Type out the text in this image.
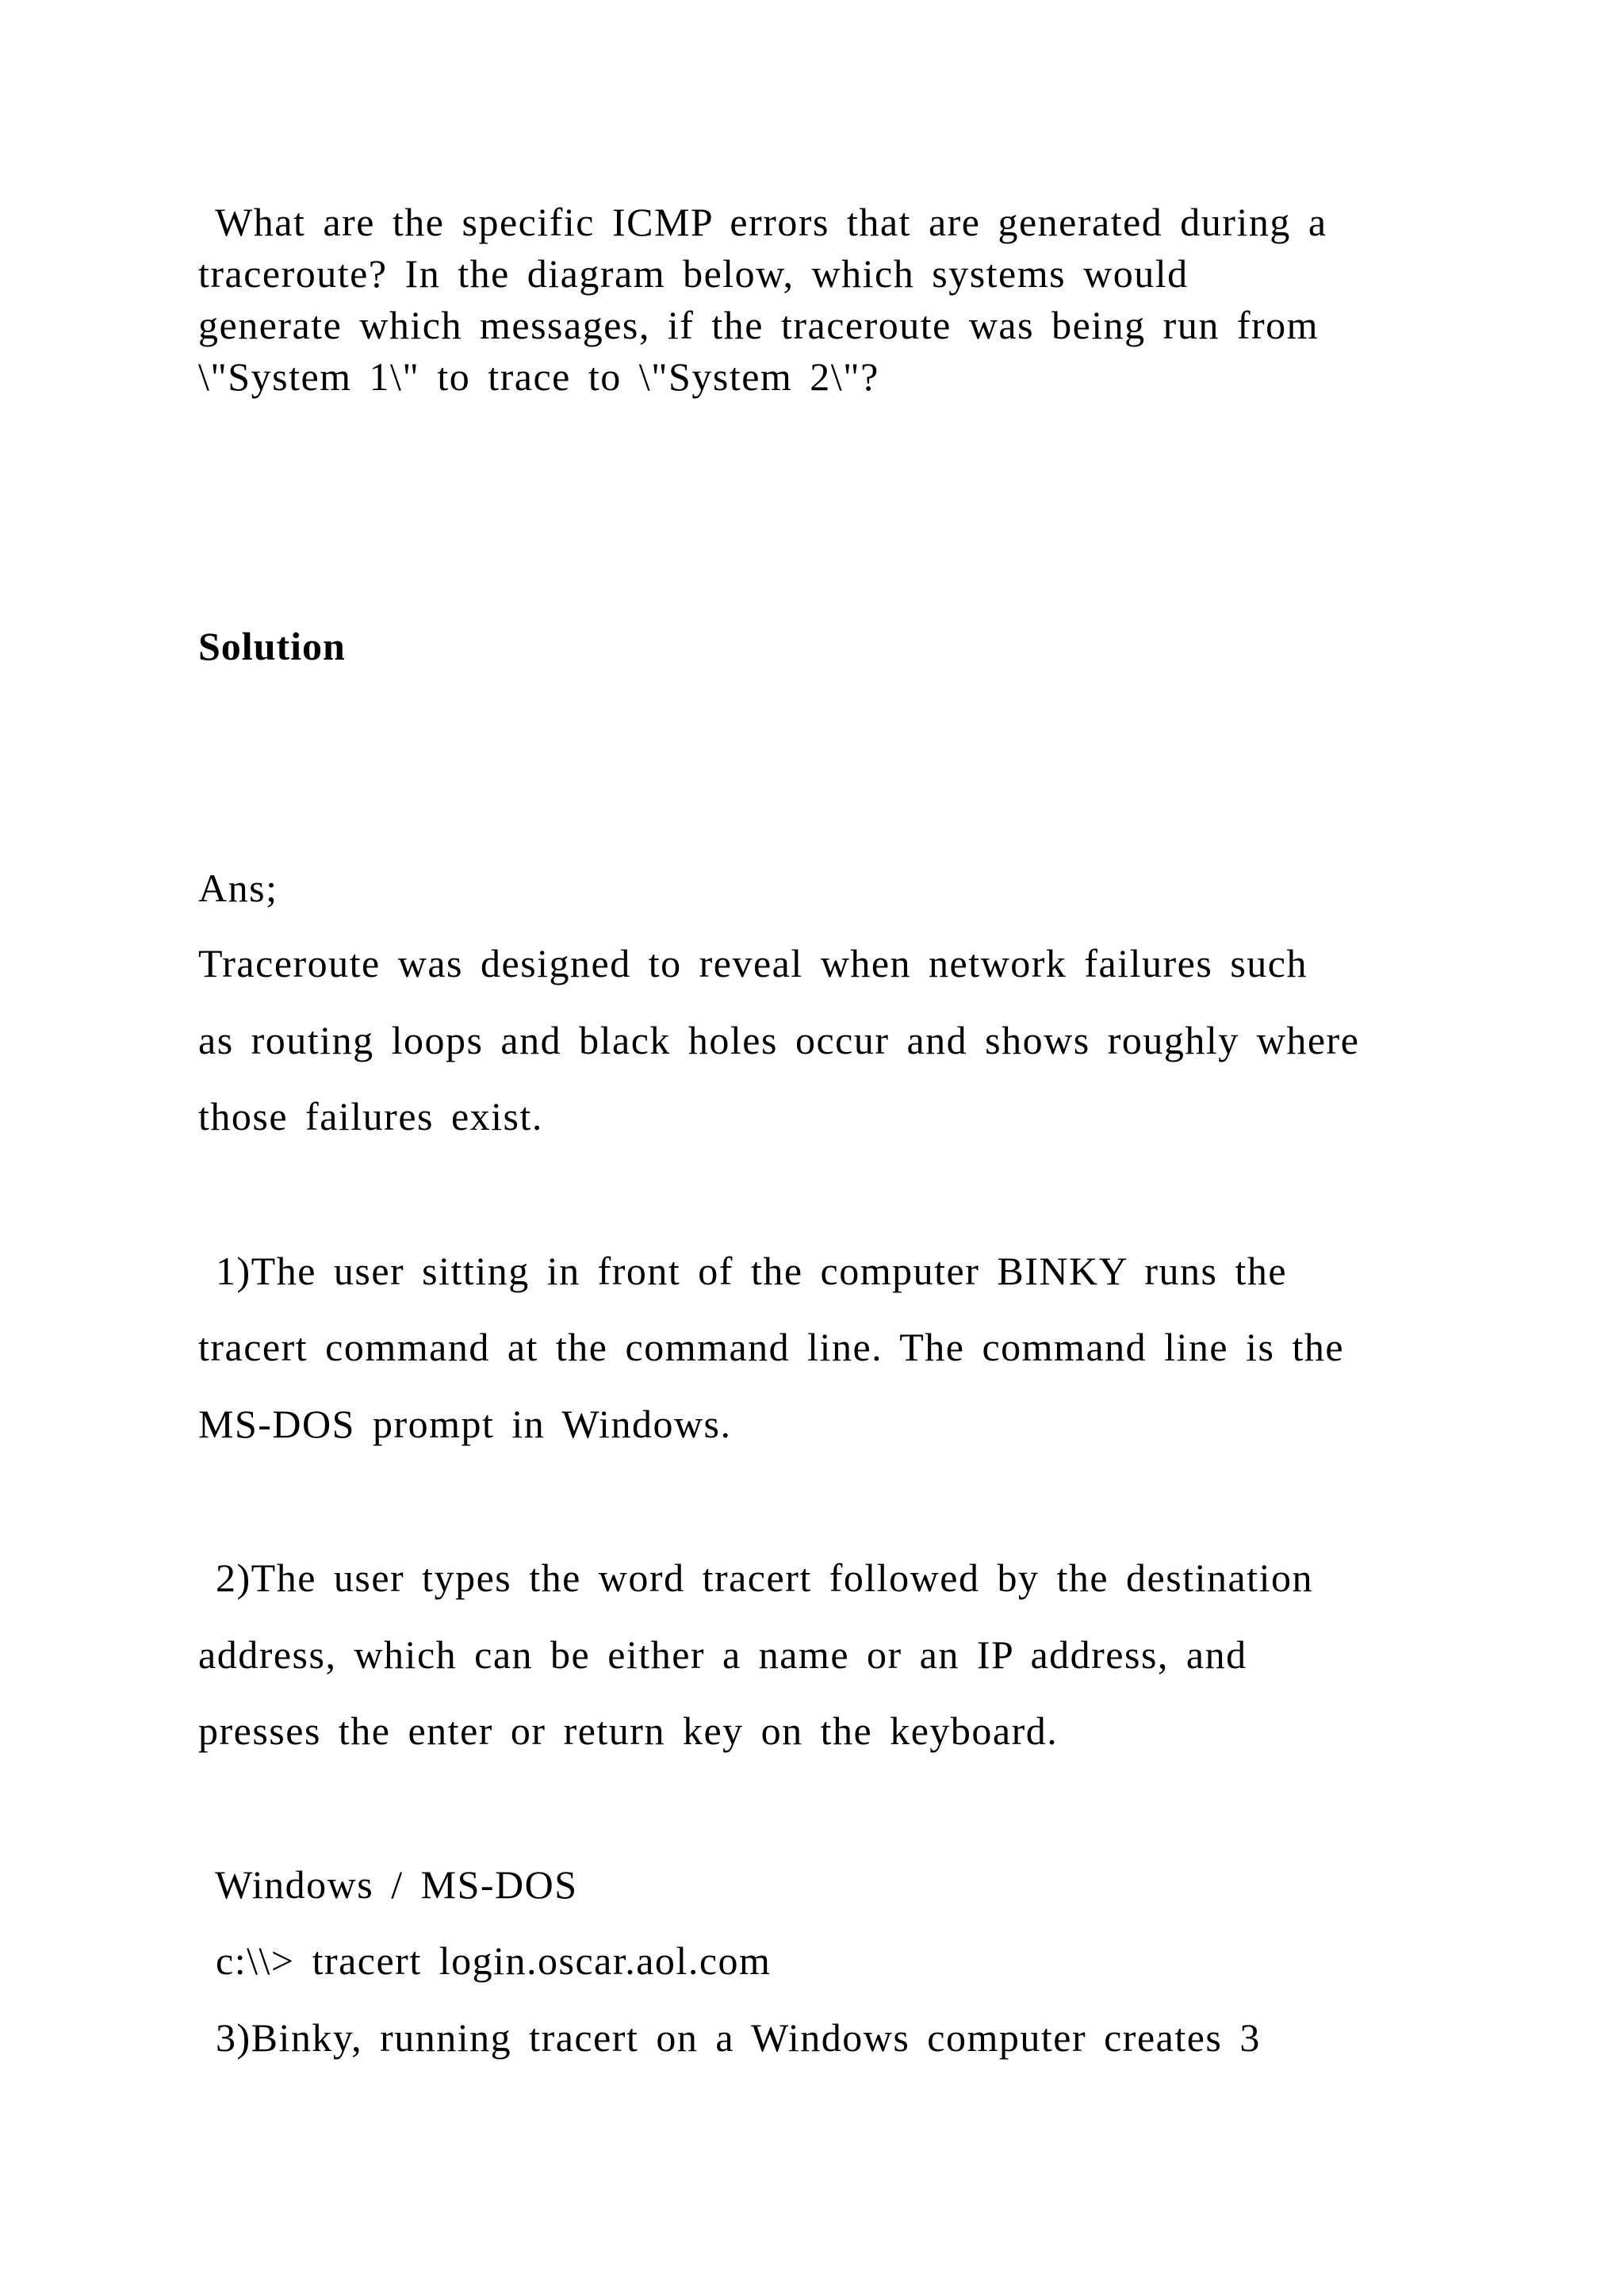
What are the specific ICMP errors that are generated during a
traceroute? In the diagram below, which systems would
generate which messages, if the traceroute was being run from
\"System 1\" to trace to \"System 2\"?
Solution
Ans;
Traceroute was designed to reveal when network failures such
as routing loops and black holes occur and shows roughly where
those failures exist.
1)The user sitting in front of the computer BINKY runs the
tracert command at the command line. The command line is the
MS-DOS prompt in Windows.
2)The user types the word tracert followed by the destination
address, which can be either a name or an IP address, and
presses the enter or return key on the keyboard.
Windows / MS-DOS
c:\\> tracert login.oscar.aol.com
3)Binky, running tracert on a Windows computer creates 3
